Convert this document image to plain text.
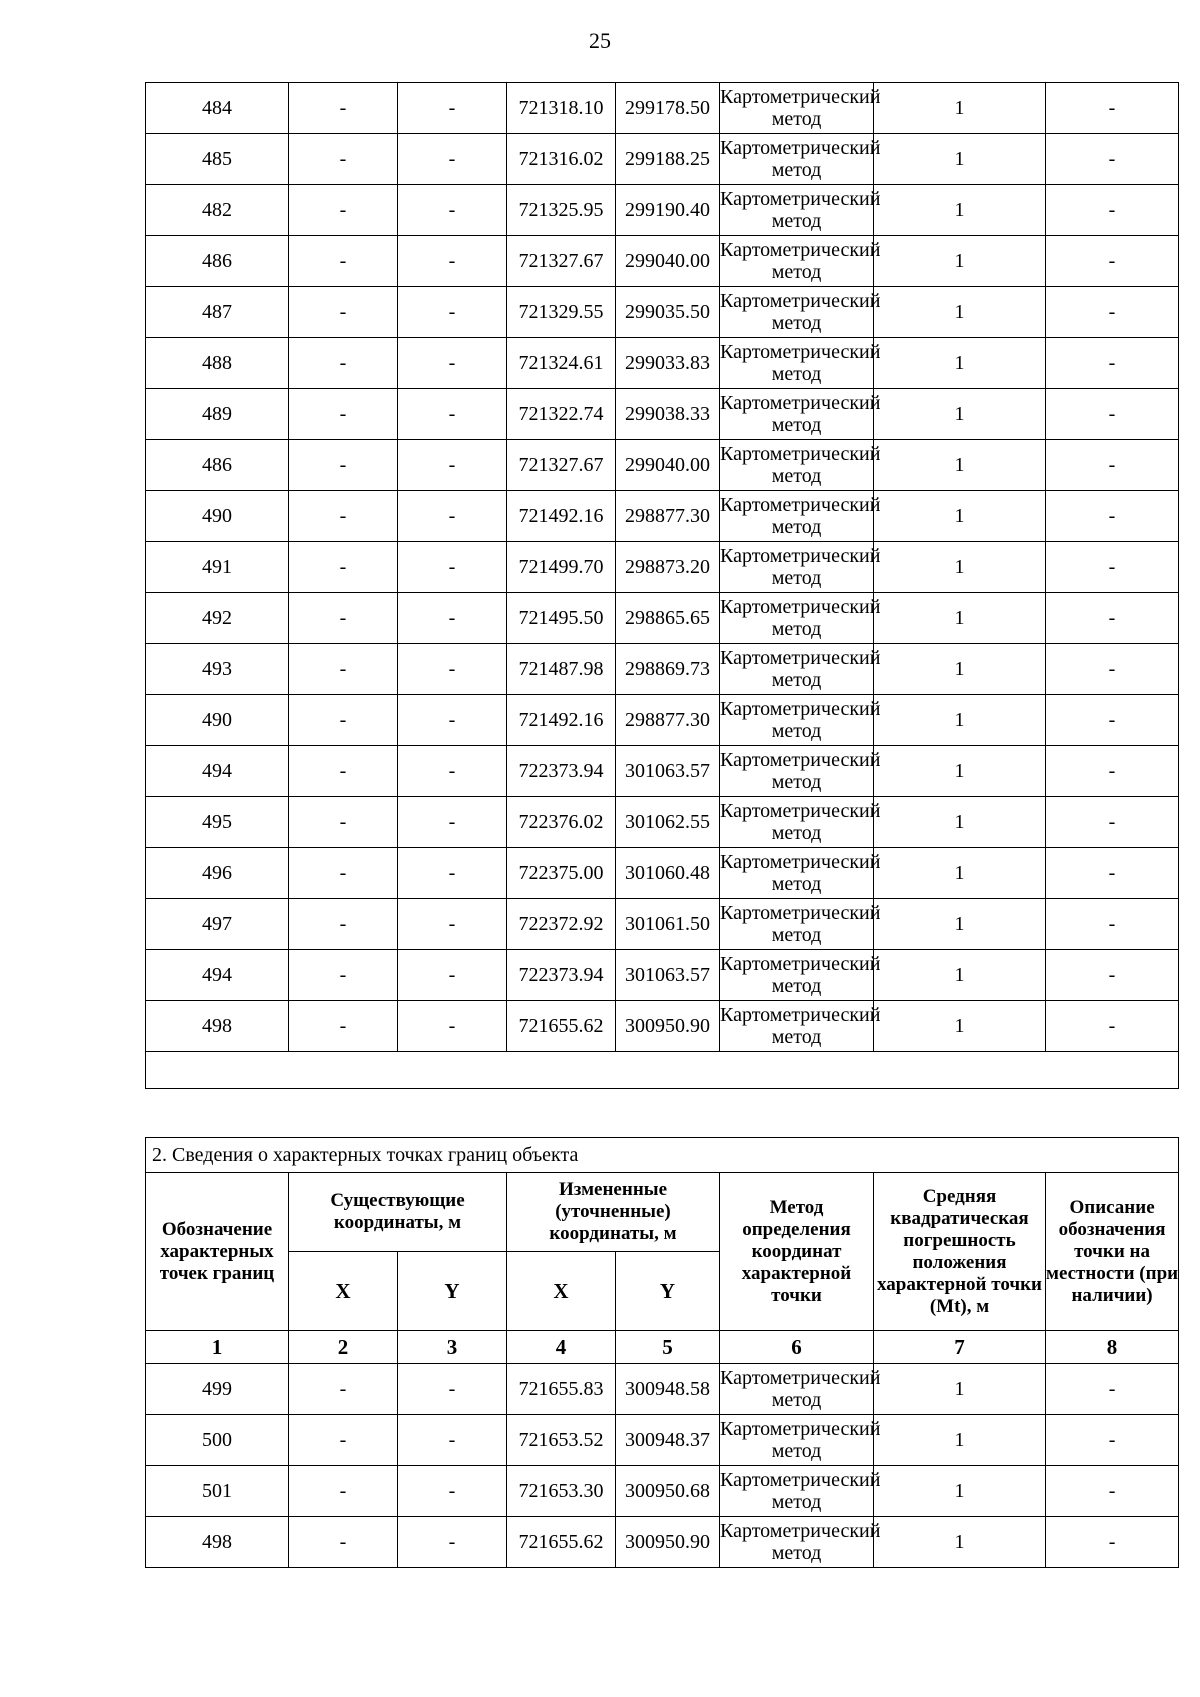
25
484	-	-	721318.10	299178.50	Картометрический метод	1	-
485	-	-	721316.02	299188.25	Картометрический метод	1	-
482	-	-	721325.95	299190.40	Картометрический метод	1	-
486	-	-	721327.67	299040.00	Картометрический метод	1	-
487	-	-	721329.55	299035.50	Картометрический метод	1	-
488	-	-	721324.61	299033.83	Картометрический метод	1	-
489	-	-	721322.74	299038.33	Картометрический метод	1	-
486	-	-	721327.67	299040.00	Картометрический метод	1	-
490	-	-	721492.16	298877.30	Картометрический метод	1	-
491	-	-	721499.70	298873.20	Картометрический метод	1	-
492	-	-	721495.50	298865.65	Картометрический метод	1	-
493	-	-	721487.98	298869.73	Картометрический метод	1	-
490	-	-	721492.16	298877.30	Картометрический метод	1	-
494	-	-	722373.94	301063.57	Картометрический метод	1	-
495	-	-	722376.02	301062.55	Картометрический метод	1	-
496	-	-	722375.00	301060.48	Картометрический метод	1	-
497	-	-	722372.92	301061.50	Картометрический метод	1	-
494	-	-	722373.94	301063.57	Картометрический метод	1	-
498	-	-	721655.62	300950.90	Картометрический метод	1	-

2. Сведения о характерных точках границ объекта							
Обозначение характерных точек границ	Существующие координаты, м		Измененные (уточненные) координаты, м		Метод определения координат характерной точки	Средняя квадратическая погрешность положения характерной точки (Mt), м	Описание обозначения точки на местности (при наличии)
	X	Y	X	Y			
1	2	3	4	5	6	7	8
499	-	-	721655.83	300948.58	Картометрический метод	1	-
500	-	-	721653.52	300948.37	Картометрический метод	1	-
501	-	-	721653.30	300950.68	Картометрический метод	1	-
498	-	-	721655.62	300950.90	Картометрический метод	1	-
